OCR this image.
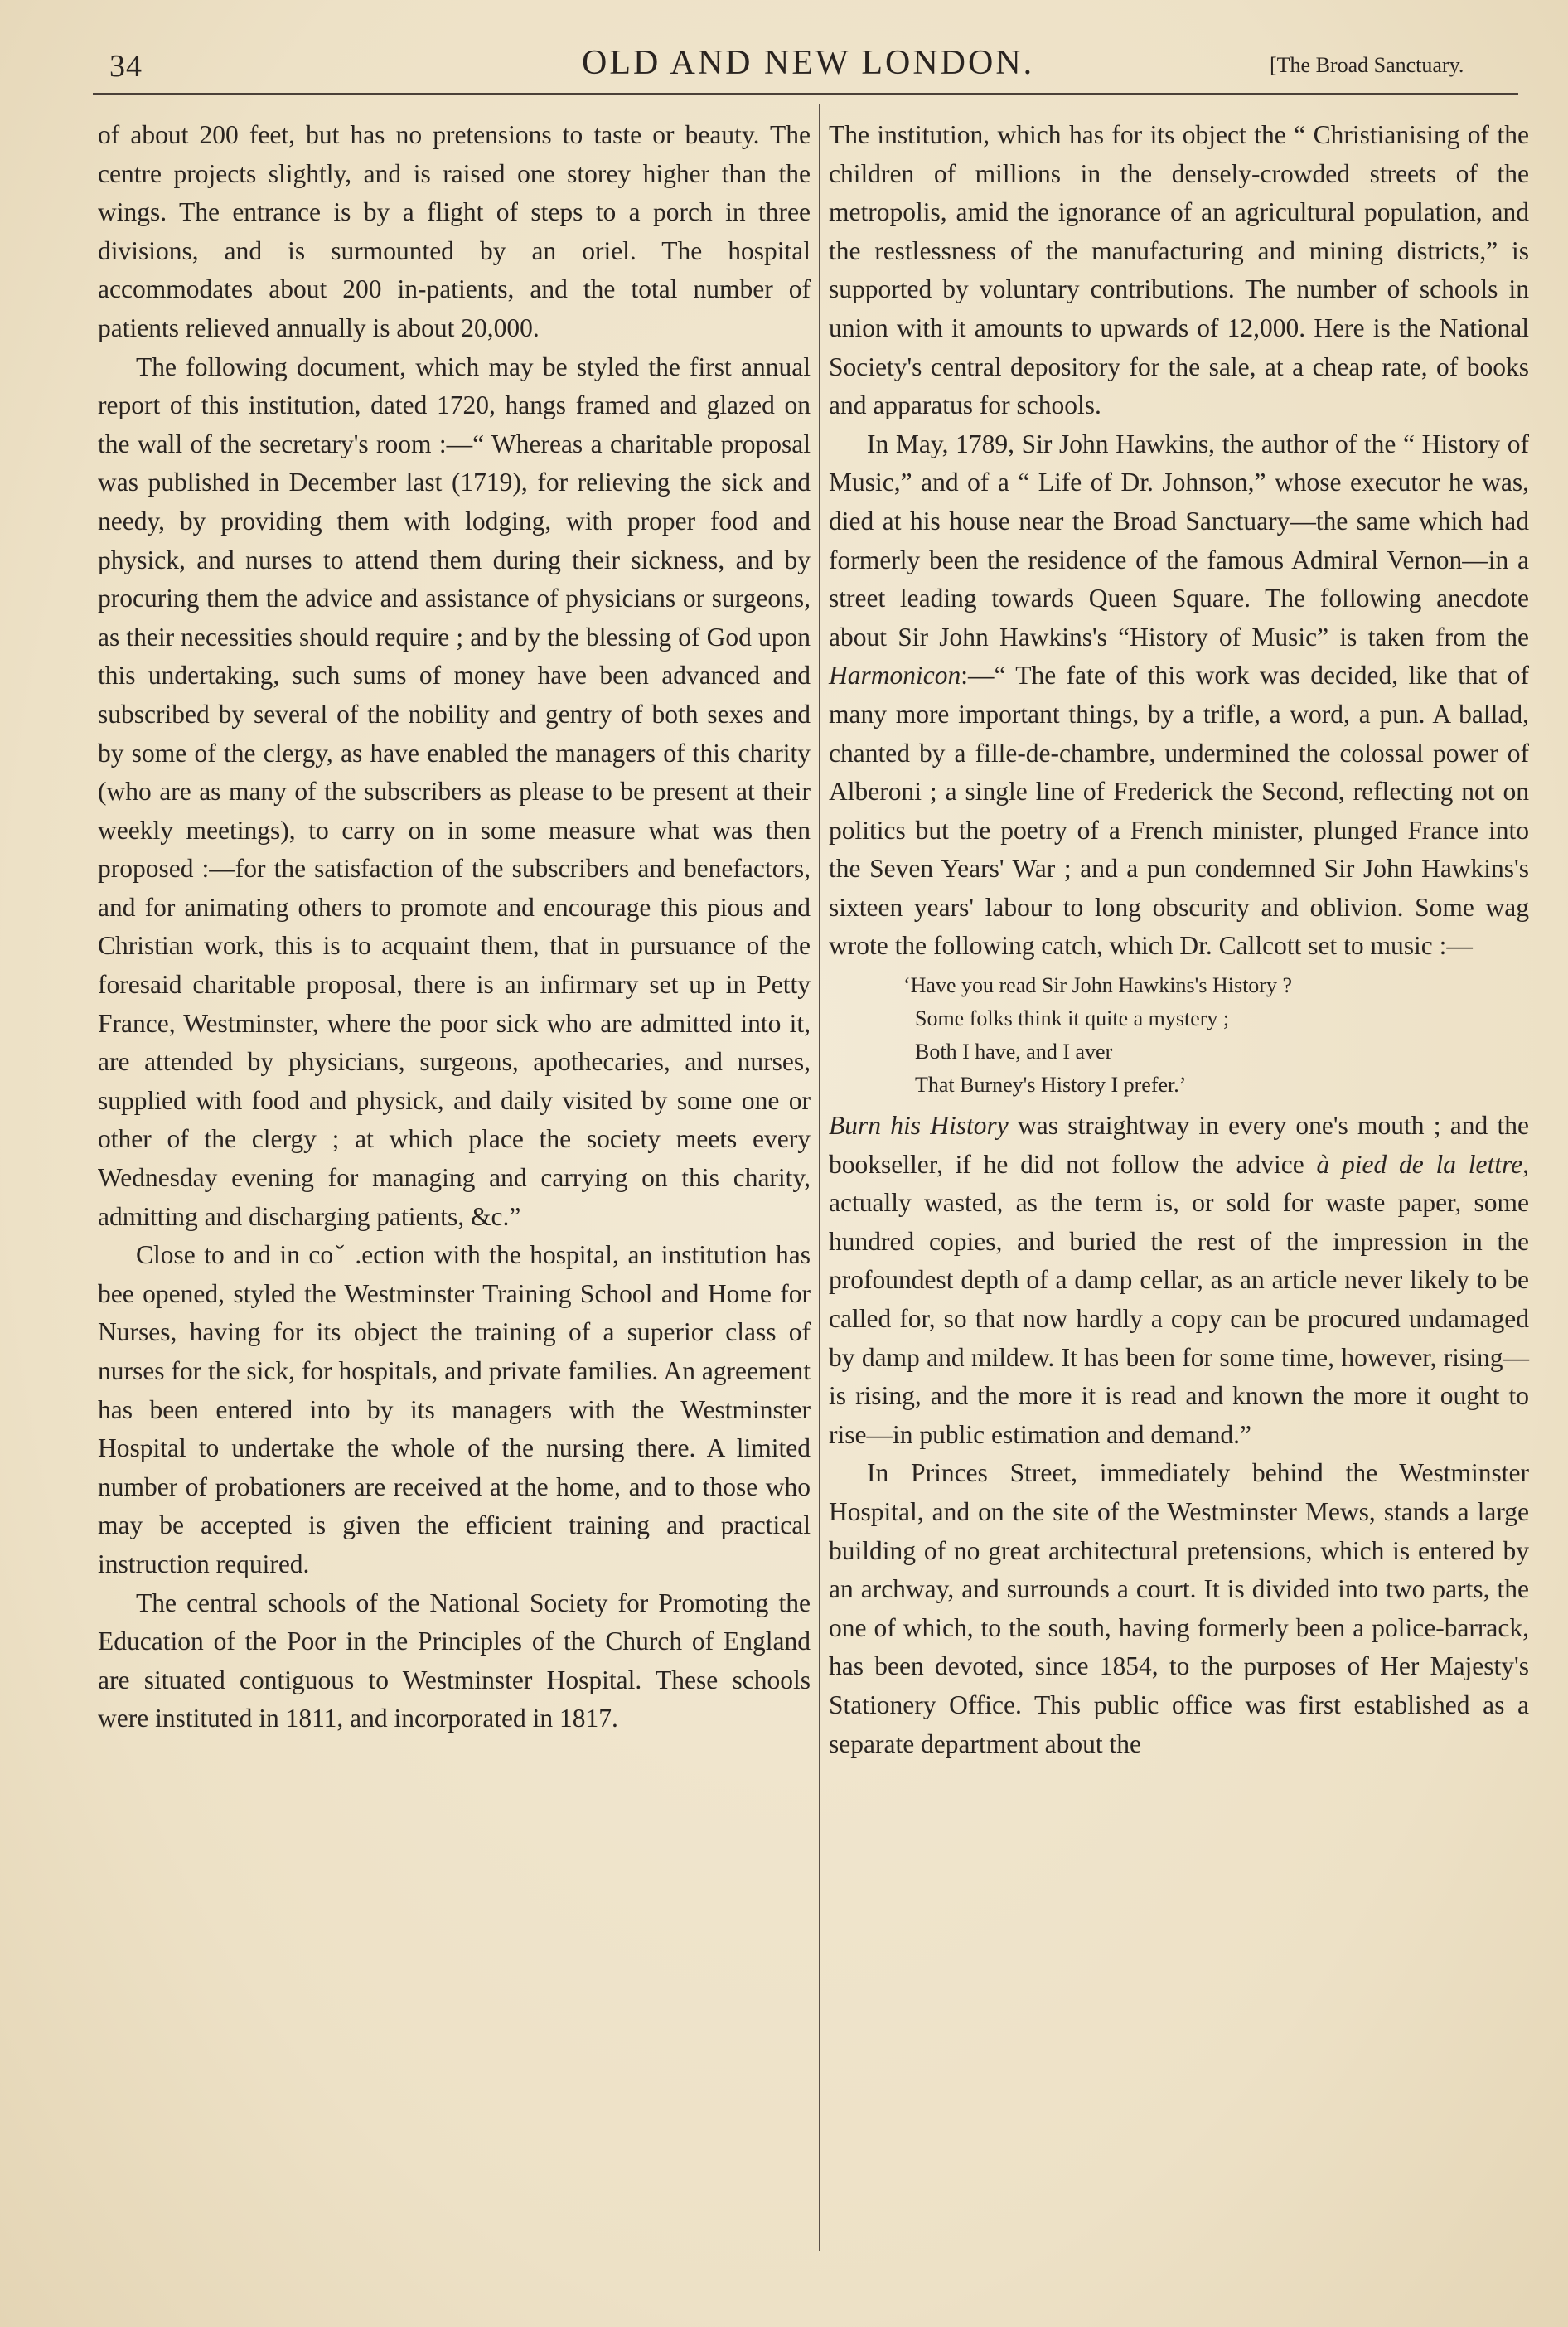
34	OLD AND NEW LONDON.	[The Broad Sanctuary.

of about 200 feet, but has no pretensions to taste or beauty. The centre projects slightly, and is raised one storey higher than the wings. The entrance is by a flight of steps to a porch in three divisions, and is surmounted by an oriel. The hospital accommodates about 200 in-patients, and the total number of patients relieved annually is about 20,000.

The following document, which may be styled the first annual report of this institution, dated 1720, hangs framed and glazed on the wall of the secretary's room :—“ Whereas a charitable proposal was published in December last (1719), for relieving the sick and needy, by providing them with lodging, with proper food and physick, and nurses to attend them during their sickness, and by procuring them the advice and assistance of physicians or surgeons, as their necessities should require ; and by the blessing of God upon this undertaking, such sums of money have been advanced and subscribed by several of the nobility and gentry of both sexes and by some of the clergy, as have enabled the managers of this charity (who are as many of the subscribers as please to be present at their weekly meetings), to carry on in some measure what was then proposed :—for the satisfaction of the subscribers and benefactors, and for animating others to promote and encourage this pious and Christian work, this is to acquaint them, that in pursuance of the foresaid charitable proposal, there is an infirmary set up in Petty France, Westminster, where the poor sick who are admitted into it, are attended by physicians, surgeons, apothecaries, and nurses, supplied with food and physick, and daily visited by some one or other of the clergy ; at which place the society meets every Wednesday evening for managing and carrying on this charity, admitting and discharging patients, &c.”

Close to and in coˇ .ection with the hospital, an institution has bee opened, styled the Westminster Training School and Home for Nurses, having for its object the training of a superior class of nurses for the sick, for hospitals, and private families. An agreement has been entered into by its managers with the Westminster Hospital to undertake the whole of the nursing there. A limited number of probationers are received at the home, and to those who may be accepted is given the efficient training and practical instruction required.

The central schools of the National Society for Promoting the Education of the Poor in the Principles of the Church of England are situated contiguous to Westminster Hospital. These schools were instituted in 1811, and incorporated in 1817.

The institution, which has for its object the “ Christianising of the children of millions in the densely-crowded streets of the metropolis, amid the ignorance of an agricultural population, and the restlessness of the manufacturing and mining districts,” is supported by voluntary contributions. The number of schools in union with it amounts to upwards of 12,000. Here is the National Society's central depository for the sale, at a cheap rate, of books and apparatus for schools.

In May, 1789, Sir John Hawkins, the author of the “ History of Music,” and of a “ Life of Dr. Johnson,” whose executor he was, died at his house near the Broad Sanctuary—the same which had formerly been the residence of the famous Admiral Vernon—in a street leading towards Queen Square. The following anecdote about Sir John Hawkins's “History of Music” is taken from the Harmonicon:—“ The fate of this work was decided, like that of many more important things, by a trifle, a word, a pun. A ballad, chanted by a fille-de-chambre, undermined the colossal power of Alberoni ; a single line of Frederick the Second, reflecting not on politics but the poetry of a French minister, plunged France into the Seven Years' War ; and a pun condemned Sir John Hawkins's sixteen years' labour to long obscurity and oblivion. Some wag wrote the following catch, which Dr. Callcott set to music :—

‘Have you read Sir John Hawkins's History ?
Some folks think it quite a mystery ;
Both I have, and I aver
That Burney's History I prefer.’

Burn his History was straightway in every one's mouth ; and the bookseller, if he did not follow the advice à pied de la lettre, actually wasted, as the term is, or sold for waste paper, some hundred copies, and buried the rest of the impression in the profoundest depth of a damp cellar, as an article never likely to be called for, so that now hardly a copy can be procured undamaged by damp and mildew. It has been for some time, however, rising—is rising, and the more it is read and known the more it ought to rise—in public estimation and demand.”

In Princes Street, immediately behind the Westminster Hospital, and on the site of the Westminster Mews, stands a large building of no great architectural pretensions, which is entered by an archway, and surrounds a court. It is divided into two parts, the one of which, to the south, having formerly been a police-barrack, has been devoted, since 1854, to the purposes of Her Majesty's Stationery Office. This public office was first established as a separate department about the
